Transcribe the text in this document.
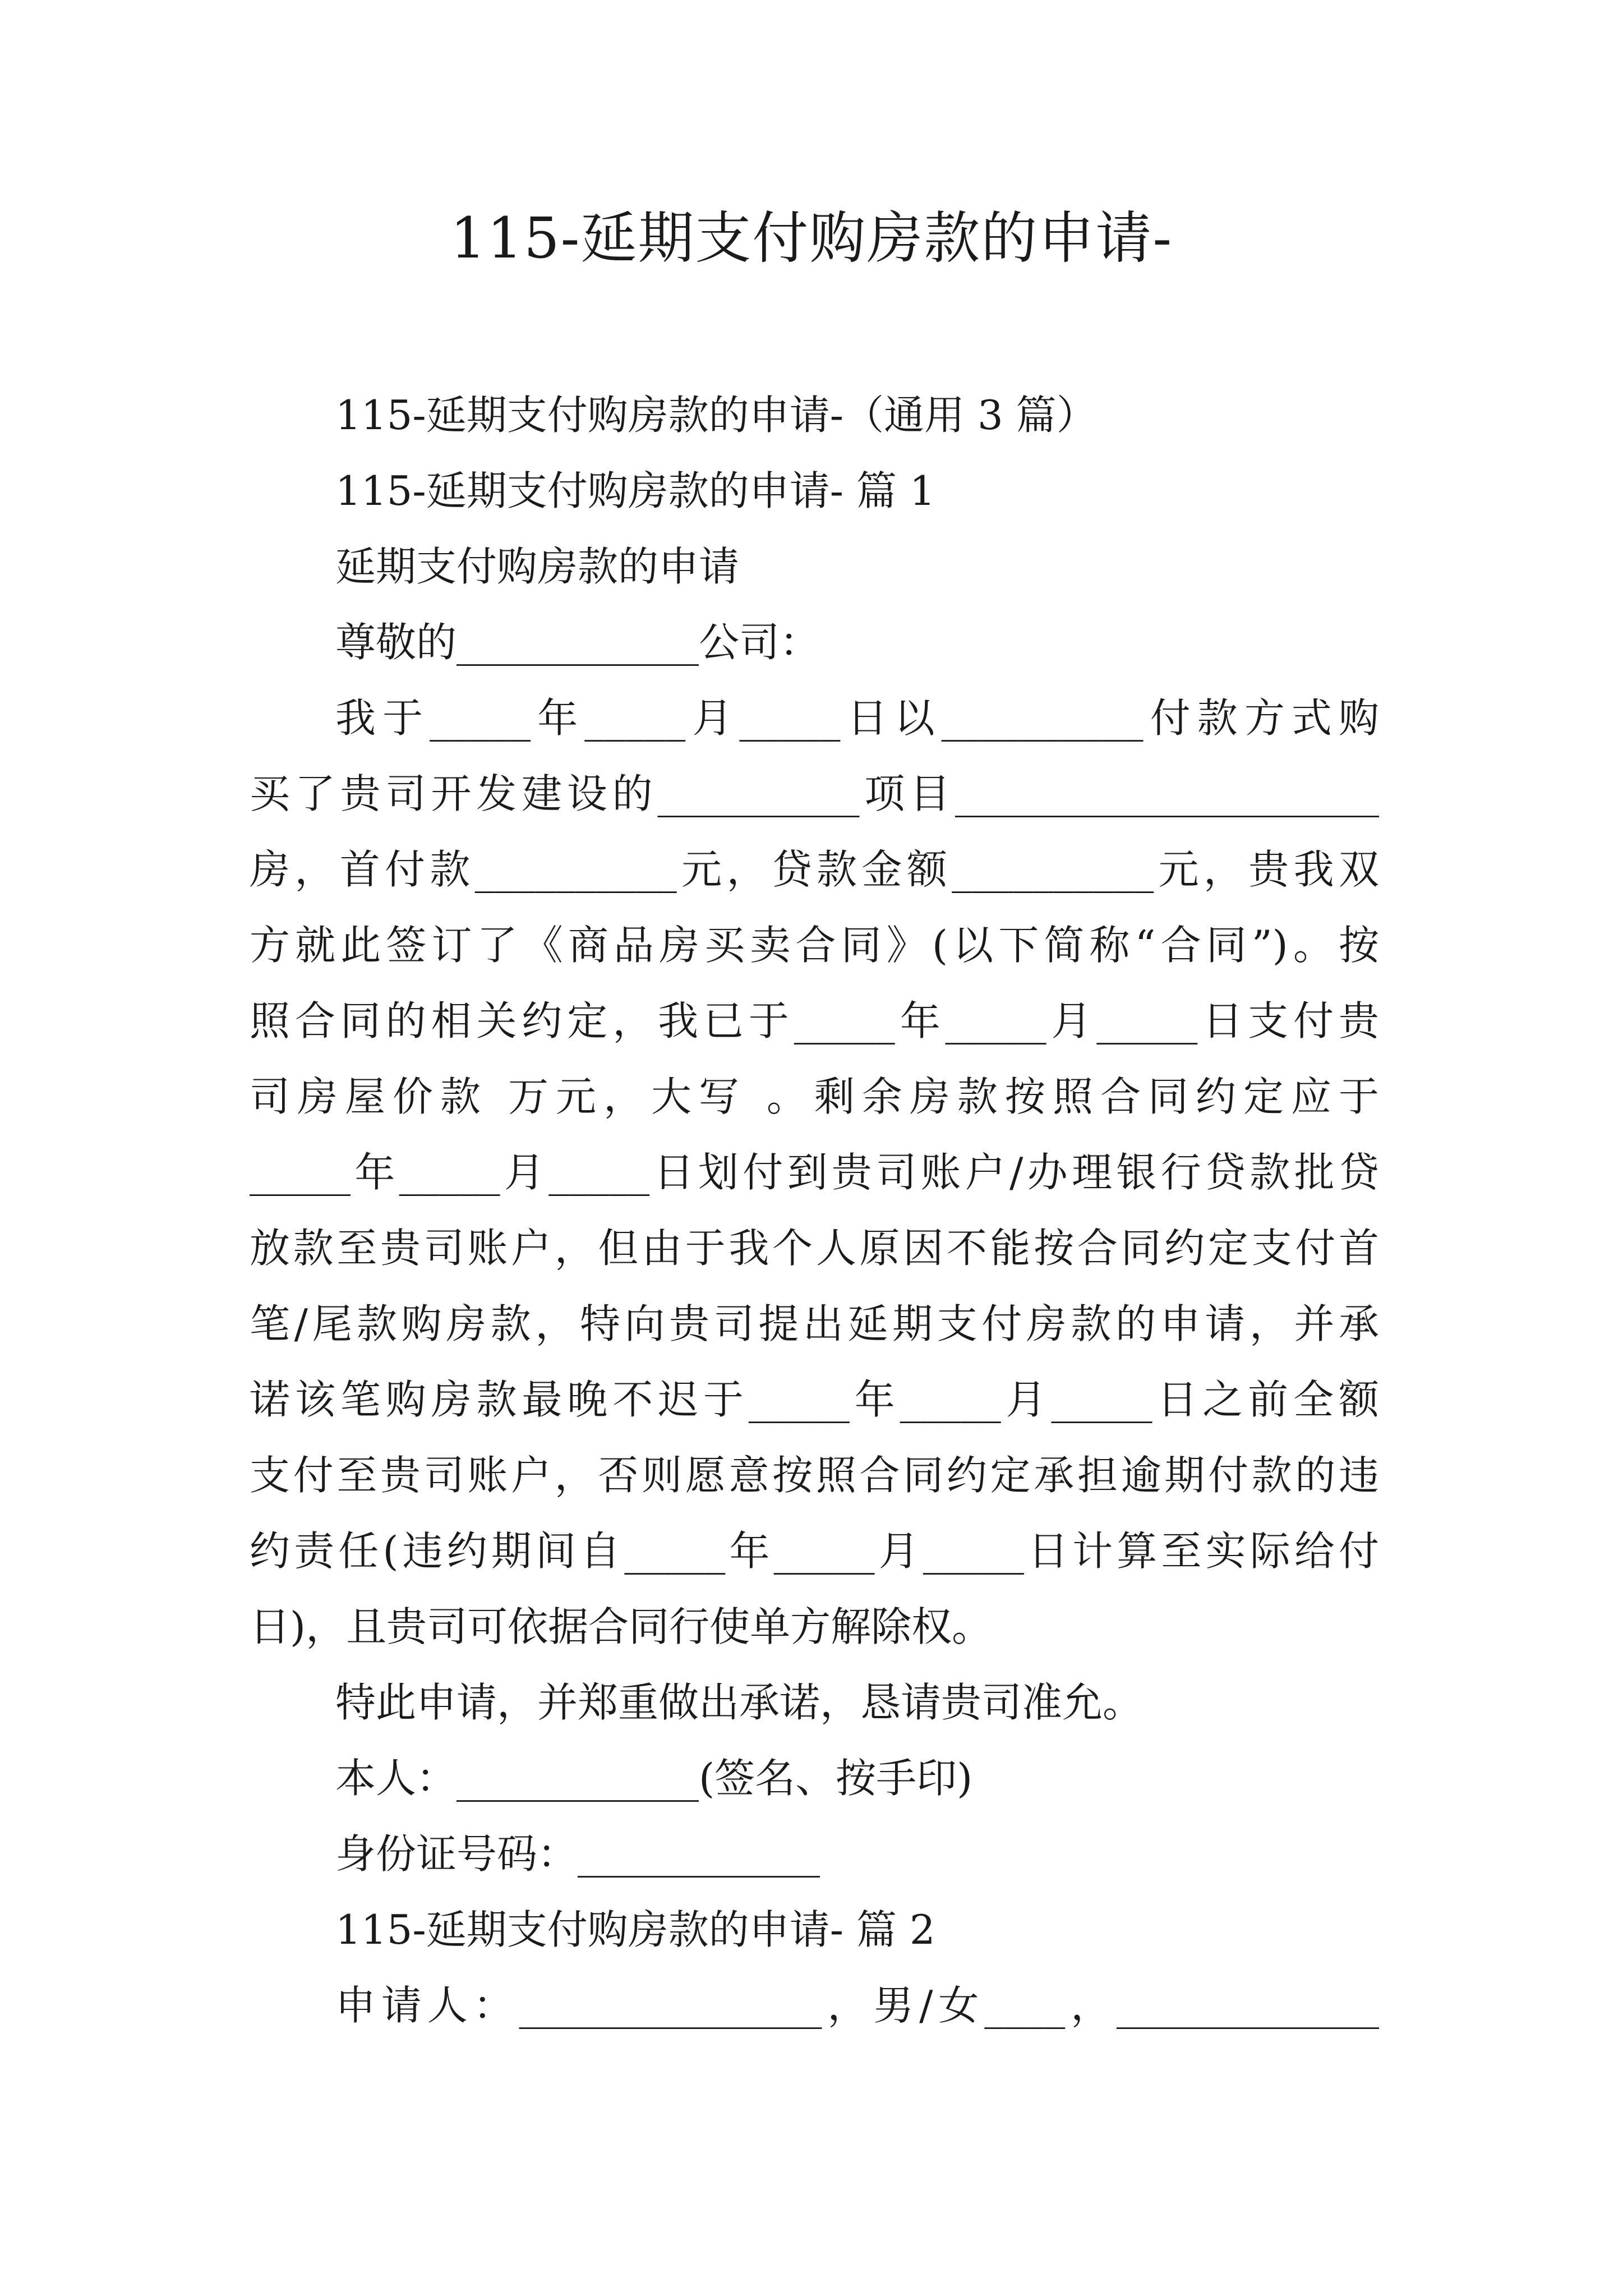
115-延期支付购房款的申请-

115-延期支付购房款的申请-（通用 3 篇）

115-延期支付购房款的申请- 篇 1

延期支付购房款的申请

尊敬的____________公司：

我于_____年_____月_____日以__________付款方式购

买了贵司开发建设的__________项目_____________________

房，首付款__________元，贷款金额__________元，贵我双

方就此签订了《商品房买卖合同》(以下简称“合同”)。按

照合同的相关约定，我已于_____年_____月_____日支付贵

司房屋价款 万元，大写 。剩余房款按照合同约定应于

_____年_____月_____日划付到贵司账户/办理银行贷款批贷

放款至贵司账户，但由于我个人原因不能按合同约定支付首

笔/尾款购房款，特向贵司提出延期支付房款的申请，并承

诺该笔购房款最晚不迟于_____年_____月_____日之前全额

支付至贵司账户，否则愿意按照合同约定承担逾期付款的违

约责任(违约期间自_____年_____月_____日计算至实际给付

日)，且贵司可依据合同行使单方解除权。

特此申请，并郑重做出承诺，恳请贵司准允。

本人：____________(签名、按手印)

身份证号码：____________

115-延期支付购房款的申请- 篇 2

申请人：_______________，男/女____，_____________
